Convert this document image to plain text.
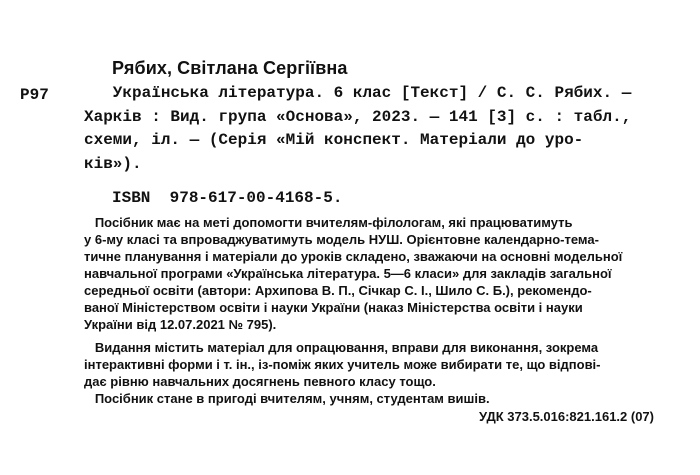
Рябих, Світлана Сергіївна
Р97 Українська література. 6 клас [Текст] / С. С. Рябих. —
Харків : Вид. група «Основа», 2023. — 141 [3] с. : табл.,
схеми, іл. — (Серія «Мій конспект. Матеріали до уро-
ків»).
ISBN  978-617-00-4168-5.
Посібник має на меті допомогти вчителям-філологам, які працюватимуть
у 6-му класі та впроваджуватимуть модель НУШ. Орієнтовне календарно-тема-
тичне планування і матеріали до уроків складено, зважаючи на основні модельної
навчальної програми «Українська література. 5—6 класи» для закладів загальної
середньої освіти (автори: Архипова В. П., Січкар С. І., Шило С. Б.), рекомендо-
ваної Міністерством освіти і науки України (наказ Міністерства освіти і науки
України від 12.07.2021 № 795).
Видання містить матеріал для опрацювання, вправи для виконання, зокрема
інтерактивні форми і т. ін., із-поміж яких учитель може вибирати те, що відпові-
дає рівню навчальних досягнень певного класу тощо.
Посібник стане в пригоді вчителям, учням, студентам вишів.
УДК 373.5.016:821.161.2 (07)
